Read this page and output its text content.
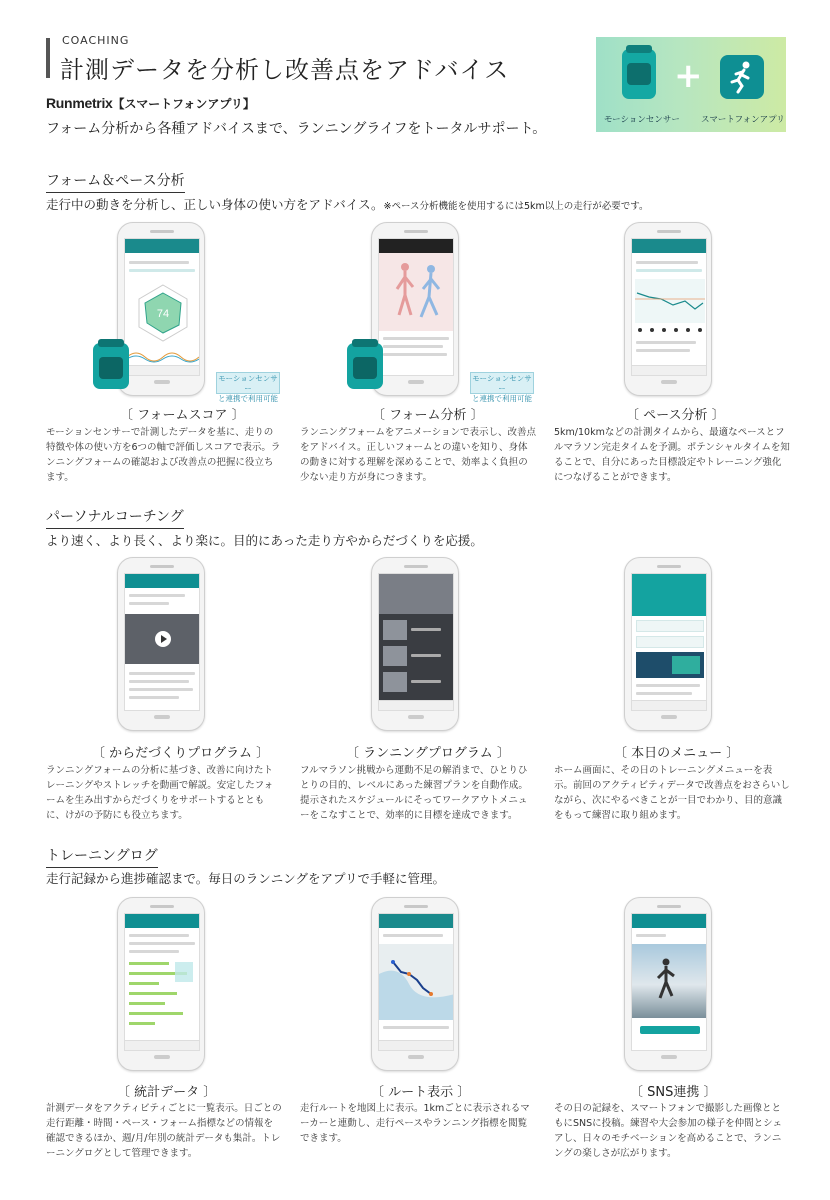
COACHING
計測データを分析し改善点をアドバイス
Runmetrix【スマートフォンアプリ】
フォーム分析から各種アドバイスまで、ランニングライフをトータルサポート。
+
モーションセンサー スマートフォンアプリ
フォーム＆ペース分析
走行中の動きを分析し、正しい身体の使い方をアドバイス。※ペース分析機能を使用するには5km以上の走行が必要です。
74
モーションセンサー
と連携で利用可能
モーションセンサー
と連携で利用可能
〔 フォームスコア 〕
モーションセンサーで計測したデータを基に、走りの特徴や体の使い方を6つの軸で評価しスコアで表示。ランニングフォームの確認および改善点の把握に役立ちます。
〔 フォーム分析 〕
ランニングフォームをアニメーションで表示し、改善点をアドバイス。正しいフォームとの違いを知り、身体の動きに対する理解を深めることで、効率よく負担の少ない走り方が身につきます。
〔 ペース分析 〕
5km/10kmなどの計測タイムから、最適なペースとフルマラソン完走タイムを予測。ポテンシャルタイムを知ることで、自分にあった目標設定やトレーニング強化につなげることができます。
パーソナルコーチング
より速く、より長く、より楽に。目的にあった走り方やからだづくりを応援。
〔 からだづくりプログラム 〕
ランニングフォームの分析に基づき、改善に向けたトレーニングやストレッチを動画で解説。安定したフォームを生み出すからだづくりをサポートするとともに、けがの予防にも役立ちます。
〔 ランニングプログラム 〕
フルマラソン挑戦から運動不足の解消まで、ひとりひとりの目的、レベルにあった練習プランを自動作成。提示されたスケジュールにそってワークアウトメニューをこなすことで、効率的に目標を達成できます。
〔 本日のメニュー 〕
ホーム画面に、その日のトレーニングメニューを表示。前回のアクティビティデータで改善点をおさらいしながら、次にやるべきことが一目でわかり、目的意識をもって練習に取り組めます。
トレーニングログ
走行記録から進捗確認まで。毎日のランニングをアプリで手軽に管理。
〔 統計データ 〕
計測データをアクティビティごとに一覧表示。日ごとの走行距離・時間・ペース・フォーム指標などの情報を確認できるほか、週/月/年別の統計データも集計。トレーニングログとして管理できます。
〔 ルート表示 〕
走行ルートを地図上に表示。1kmごとに表示されるマーカーと連動し、走行ペースやランニング指標を閲覧できます。
〔 SNS連携 〕
その日の記録を、スマートフォンで撮影した画像とともにSNSに投稿。練習や大会参加の様子を仲間とシェアし、日々のモチベーションを高めることで、ランニングの楽しさが広がります。
